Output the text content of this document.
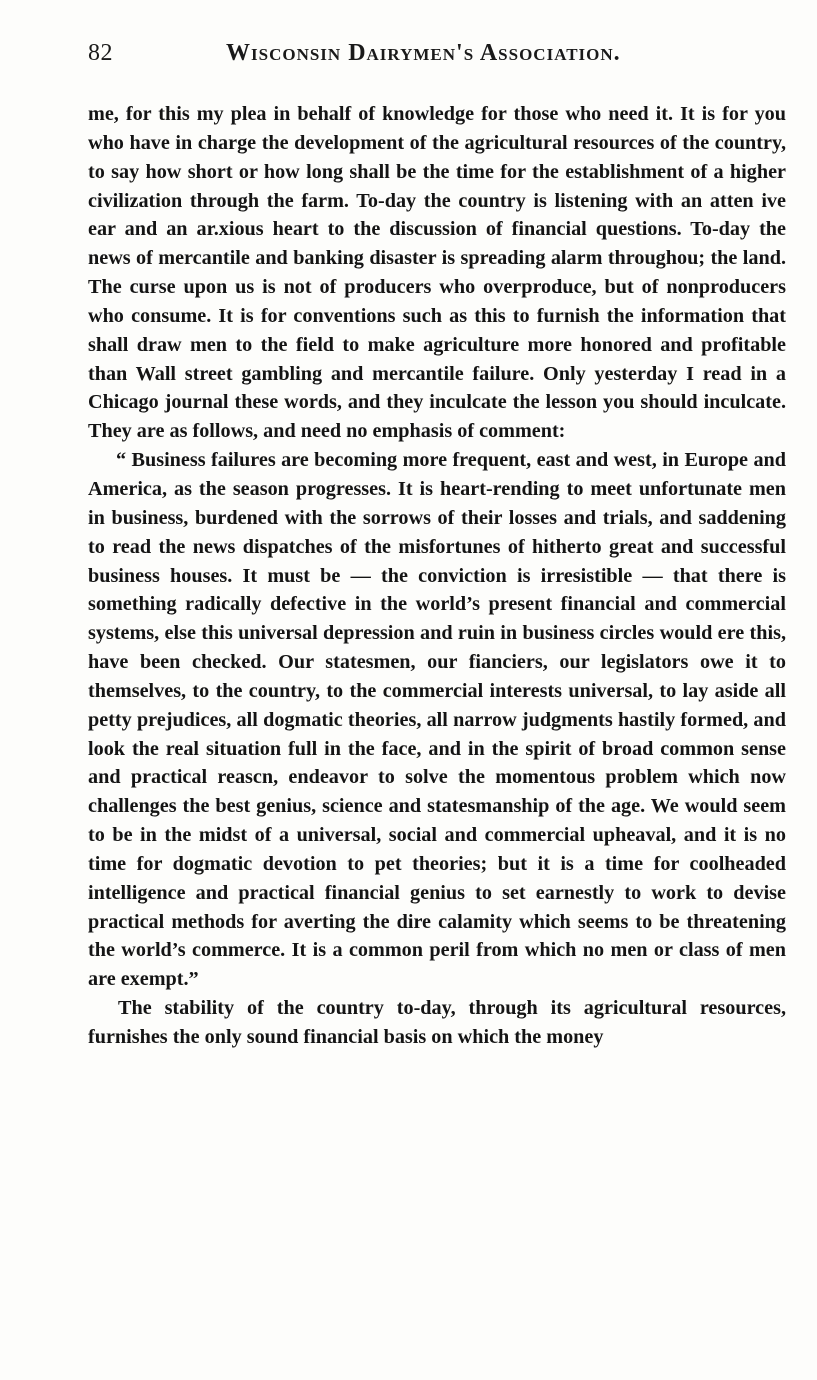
82	Wisconsin Dairymen's Association.

me, for this my plea in behalf of knowledge for those who need it. It is for you who have in charge the development of the agricultural resources of the country, to say how short or how long shall be the time for the establishment of a higher civilization through the farm. To-day the country is listening with an atten ive ear and an ar.xious heart to the discussion of financial questions. To-day the news of mercantile and banking disaster is spreading alarm throughou; the land. The curse upon us is not of producers who overproduce, but of nonproducers who consume. It is for conventions such as this to furnish the information that shall draw men to the field to make agriculture more honored and profitable than Wall street gambling and mercantile failure. Only yesterday I read in a Chicago journal these words, and they inculcate the lesson you should inculcate. They are as follows, and need no emphasis of comment:

“ Business failures are becoming more frequent, east and west, in Europe and America, as the season progresses. It is heart-rending to meet unfortunate men in business, burdened with the sorrows of their losses and trials, and saddening to read the news dispatches of the misfortunes of hitherto great and successful business houses. It must be — the conviction is irresistible — that there is something radically defective in the world’s present financial and commercial systems, else this universal depression and ruin in business circles would ere this, have been checked. Our statesmen, our fianciers, our legislators owe it to themselves, to the country, to the commercial interests universal, to lay aside all petty prejudices, all dogmatic theories, all narrow judgments hastily formed, and look the real situation full in the face, and in the spirit of broad common sense and practical reascn, endeavor to solve the momentous problem which now challenges the best genius, science and statesmanship of the age. We would seem to be in the midst of a universal, social and commercial upheaval, and it is no time for dogmatic devotion to pet theories; but it is a time for coolheaded intelligence and practical financial genius to set earnestly to work to devise practical methods for averting the dire calamity which seems to be threatening the world’s commerce. It is a common peril from which no men or class of men are exempt.”

The stability of the country to-day, through its agricultural resources, furnishes the only sound financial basis on which the money
